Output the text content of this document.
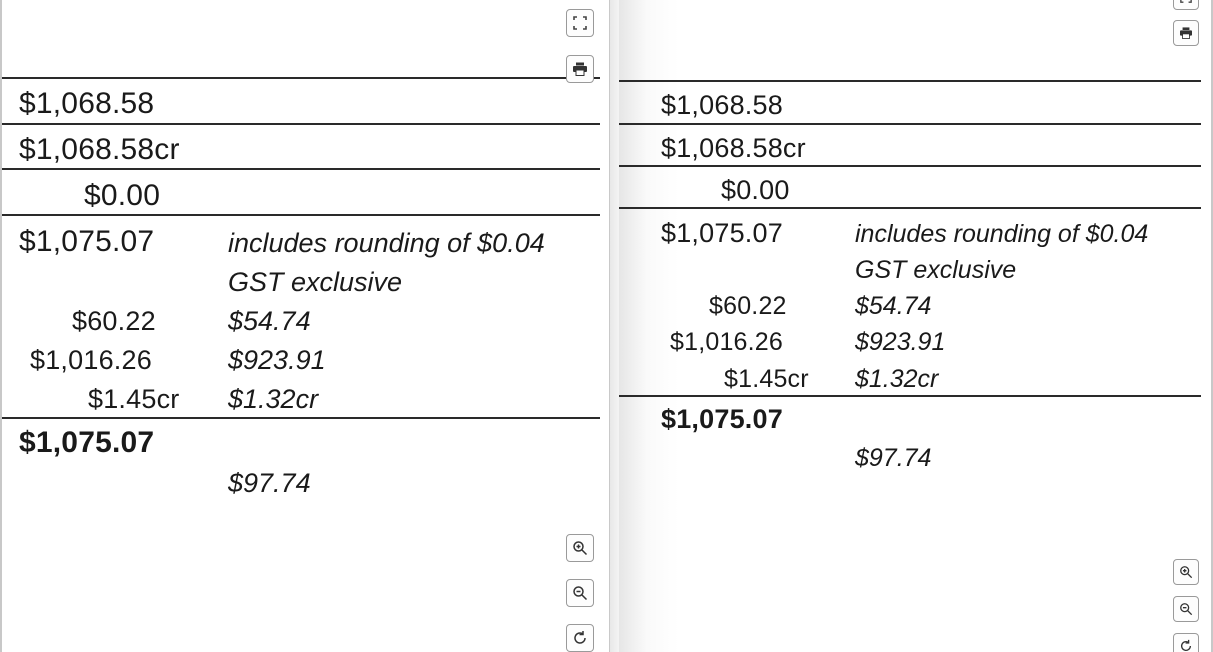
$1,068.58
$1,068.58cr
$0.00
$1,075.07	includes rounding of $0.04
GST exclusive
$60.22	$54.74
$1,016.26	$923.91
$1.45cr $1.32cr
$1,075.07
$97.74
$1,068.58
$1,068.58cr
$0.00
$1,075.07	includes rounding of $0.04
GST exclusive
$60.22	$54.74
$1,016.26	$923.91
$1.45cr $1.32cr
$1,075.07
$97.74
